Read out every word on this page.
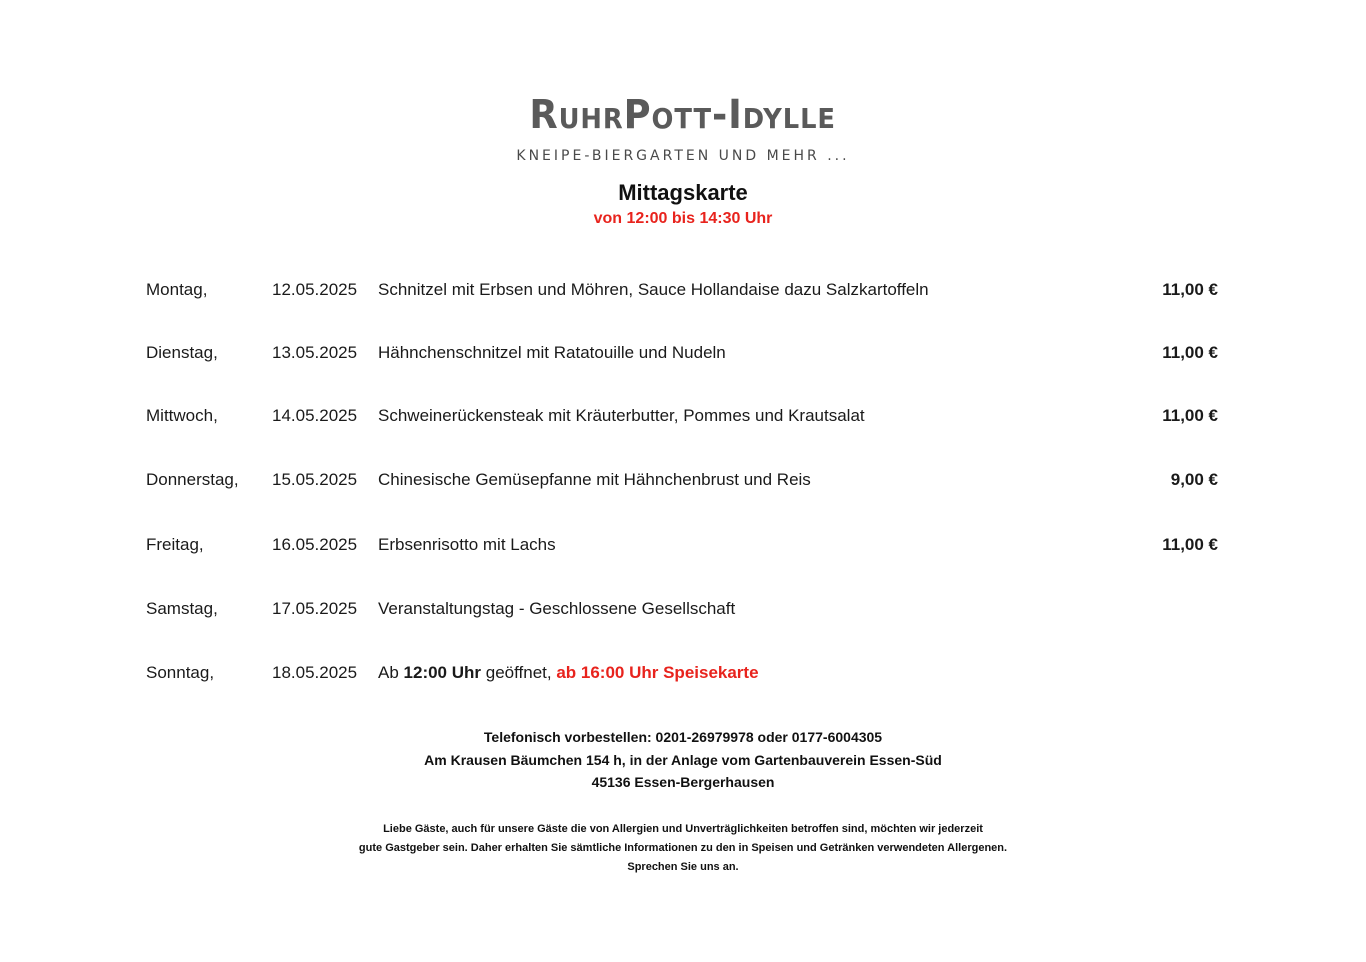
RuhrPott-Idylle
KNEIPE-BIERGARTEN UND MEHR ...
Mittagskarte
von 12:00 bis 14:30 Uhr
Montag,	12.05.2025 Schnitzel mit Erbsen und Möhren, Sauce Hollandaise dazu Salzkartoffeln	11,00 €
Dienstag,	13.05.2025 Hähnchenschnitzel mit Ratatouille und Nudeln	11,00 €
Mittwoch,	14.05.2025 Schweinerückensteak mit Kräuterbutter, Pommes und Krautsalat	11,00 €
Donnerstag, 15.05.2025 Chinesische Gemüsepfanne mit Hähnchenbrust und Reis	9,00 €
Freitag,	16.05.2025 Erbsenrisotto mit Lachs	11,00 €
Samstag,	17.05.2025 Veranstaltungstag - Geschlossene Gesellschaft
Sonntag,	18.05.2025 Ab 12:00 Uhr geöffnet, ab 16:00 Uhr Speisekarte
Telefonisch vorbestellen: 0201-26979978 oder 0177-6004305
Am Krausen Bäumchen 154 h, in der Anlage vom Gartenbauverein Essen-Süd
45136 Essen-Bergerhausen
Liebe Gäste, auch für unsere Gäste die von Allergien und Unverträglichkeiten betroffen sind, möchten wir jederzeit
gute Gastgeber sein. Daher erhalten Sie sämtliche Informationen zu den in Speisen und Getränken verwendeten Allergenen.
Sprechen Sie uns an.
